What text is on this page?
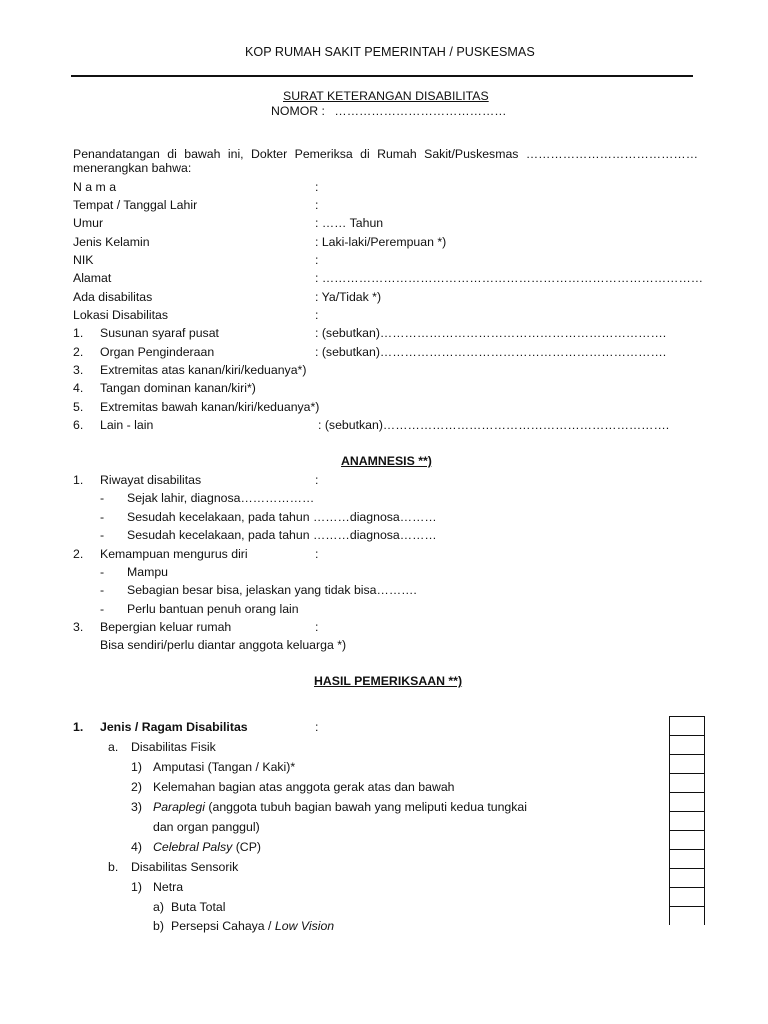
KOP RUMAH SAKIT PEMERINTAH / PUSKESMAS
SURAT KETERANGAN DISABILITAS
NOMOR : ……………………………………
Penandatangan di bawah ini, Dokter Pemeriksa di Rumah Sakit/Puskesmas ……………………………………
menerangkan bahwa:
N a m a	:
Tempat / Tanggal Lahir	:
Umur	: …… Tahun
Jenis Kelamin	: Laki-laki/Perempuan *)
NIK	:
Alamat	: …………………………………………………………………………………
Ada disabilitas	: Ya/Tidak *)
Lokasi Disabilitas	:
1. Susunan syaraf pusat	: (sebutkan)…………………………………………………………….
2. Organ Penginderaan	: (sebutkan)…………………………………………………………….
3. Extremitas atas kanan/kiri/keduanya*)
4. Tangan dominan kanan/kiri*)
5. Extremitas bawah kanan/kiri/keduanya*)
6. Lain - lain	: (sebutkan)…………………………………………………………….
ANAMNESIS **)
1. Riwayat disabilitas	:
- Sejak lahir, diagnosa………………
- Sesudah kecelakaan, pada tahun ………diagnosa………
- Sesudah kecelakaan, pada tahun ………diagnosa………
2. Kemampuan mengurus diri	:
- Mampu
- Sebagian besar bisa, jelaskan yang tidak bisa……….
- Perlu bantuan penuh orang lain
3. Bepergian keluar rumah	:
Bisa sendiri/perlu diantar anggota keluarga *)
HASIL PEMERIKSAAN **)
1. Jenis / Ragam Disabilitas	:
a. Disabilitas Fisik
1) Amputasi (Tangan / Kaki)*
2) Kelemahan bagian atas anggota gerak atas dan bawah
3) Paraplegi (anggota tubuh bagian bawah yang meliputi kedua tungkai
dan organ panggul)
4) Celebral Palsy (CP)
b. Disabilitas Sensorik
1) Netra
a) Buta Total
b) Persepsi Cahaya / Low Vision
